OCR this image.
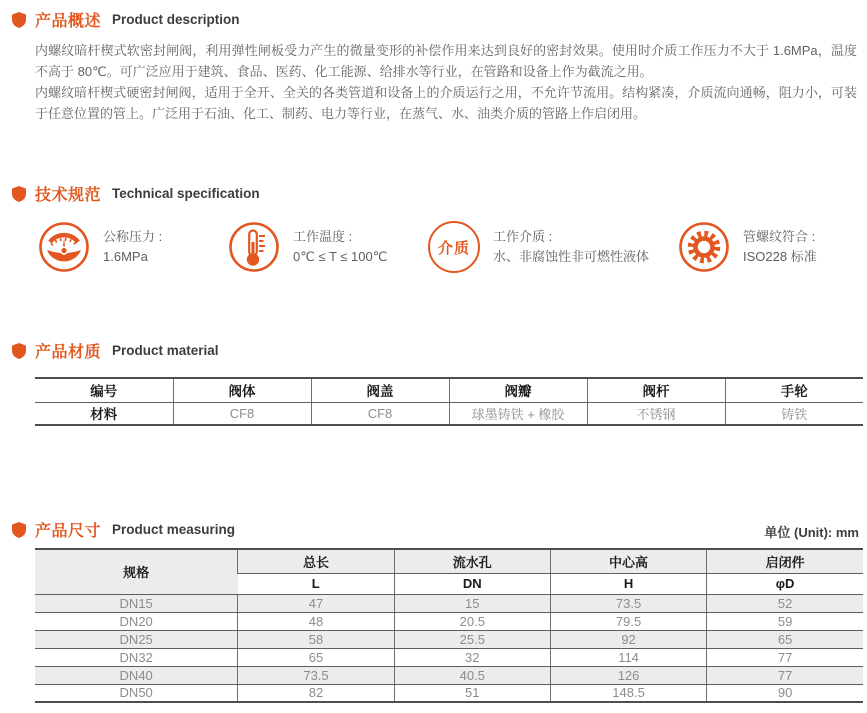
产品概述 Product description

内螺纹暗杆楔式软密封闸阀，利用弹性闸板受力产生的微量变形的补偿作用来达到良好的密封效果。使用时介质工作压力不大于 1.6MPa，温度不高于 80℃。可广泛应用于建筑、食品、医药、化工能源、给排水等行业，在管路和设备上作为截流之用。

内螺纹暗杆楔式硬密封闸阀，适用于全开、全关的各类管道和设备上的介质运行之用，不允许节流用。结构紧凑，介质流向通畅，阻力小，可装于任意位置的管上。广泛用于石油、化工、制药、电力等行业，在蒸气、水、油类介质的管路上作启闭用。

技术规范 Technical specification
公称压力 :
1.6MPa
工作温度 :
0℃ ≤ T ≤ 100℃	介质
工作介质 :
水、非腐蚀性非可燃性液体
管螺纹符合 :
ISO228 标准
产品材质 Product material
编号	阀体	阀盖	阀瓣	阀杆	手轮
材料	CF8	CF8	球墨铸铁 + 橡胶	不锈钢	铸铁
产品尺寸 Product measuring	单位 (Unit): mm
规格	总长	流水孔	中心高	启闭件
	L	DN	H	φD
DN15	47	15	73.5	52
DN20	48	20.5	79.5	59
DN25	58	25.5	92	65
DN32	65	32	114	77
DN40	73.5	40.5	126	77
DN50	82	51	148.5	90
